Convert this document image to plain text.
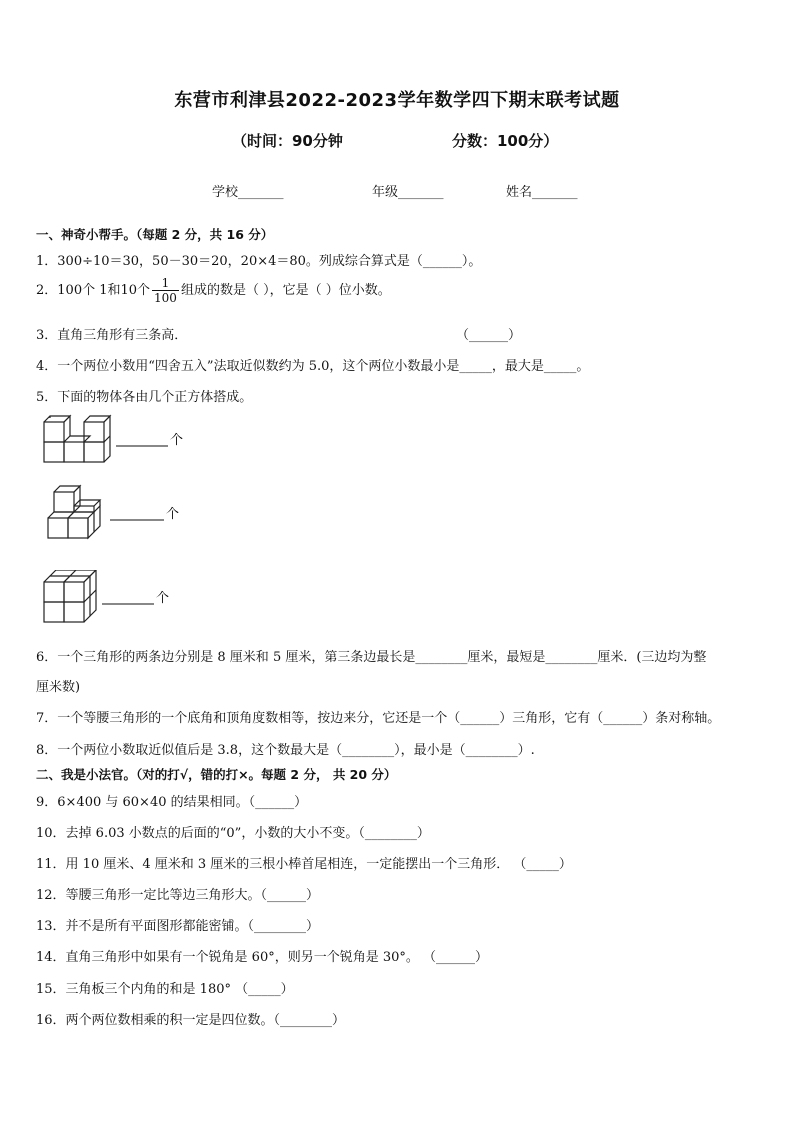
东营市利津县2022-2023学年数学四下期末联考试题
（时间：90分钟	分数：100分）
学校_______	年级_______	姓名_______
一、神奇小帮手。（每题 2 分，共 16 分）
1．300÷10＝30，50－30＝20，20×4＝80。列成综合算式是（______）。
2．100个 1和10个 $\frac{1}{100}$ 组成的数是（ ），它是（ ）位小数。
3．直角三角形有三条高．	（______）
4．一个两位小数用“四舍五入”法取近似数约为 5.0，这个两位小数最小是_____，最大是_____。
5．下面的物体各由几个正方体搭成。
个
个
个
6．一个三角形的两条边分别是 8 厘米和 5 厘米，第三条边最长是________厘米，最短是________厘米．(三边均为整
厘米数)
7．一个等腰三角形的一个底角和顶角度数相等，按边来分，它还是一个（______）三角形，它有（______）条对称轴。
8．一个两位小数取近似值后是 3.8，这个数最大是（________），最小是（________）.
二、我是小法官。（对的打√，错的打×。每题 2 分， 共 20 分）
9．6×400 与 60×40 的结果相同。（______）
10．去掉 6.03 小数点的后面的“0”，小数的大小不变。（________）
11．用 10 厘米、4 厘米和 3 厘米的三根小棒首尾相连，一定能摆出一个三角形． （_____）
12．等腰三角形一定比等边三角形大。（______）
13．并不是所有平面图形都能密铺。（________）
14．直角三角形中如果有一个锐角是 60°，则另一个锐角是 30°。 （______）
15．三角板三个内角的和是 180° （_____）
16．两个两位数相乘的积一定是四位数。（________）
